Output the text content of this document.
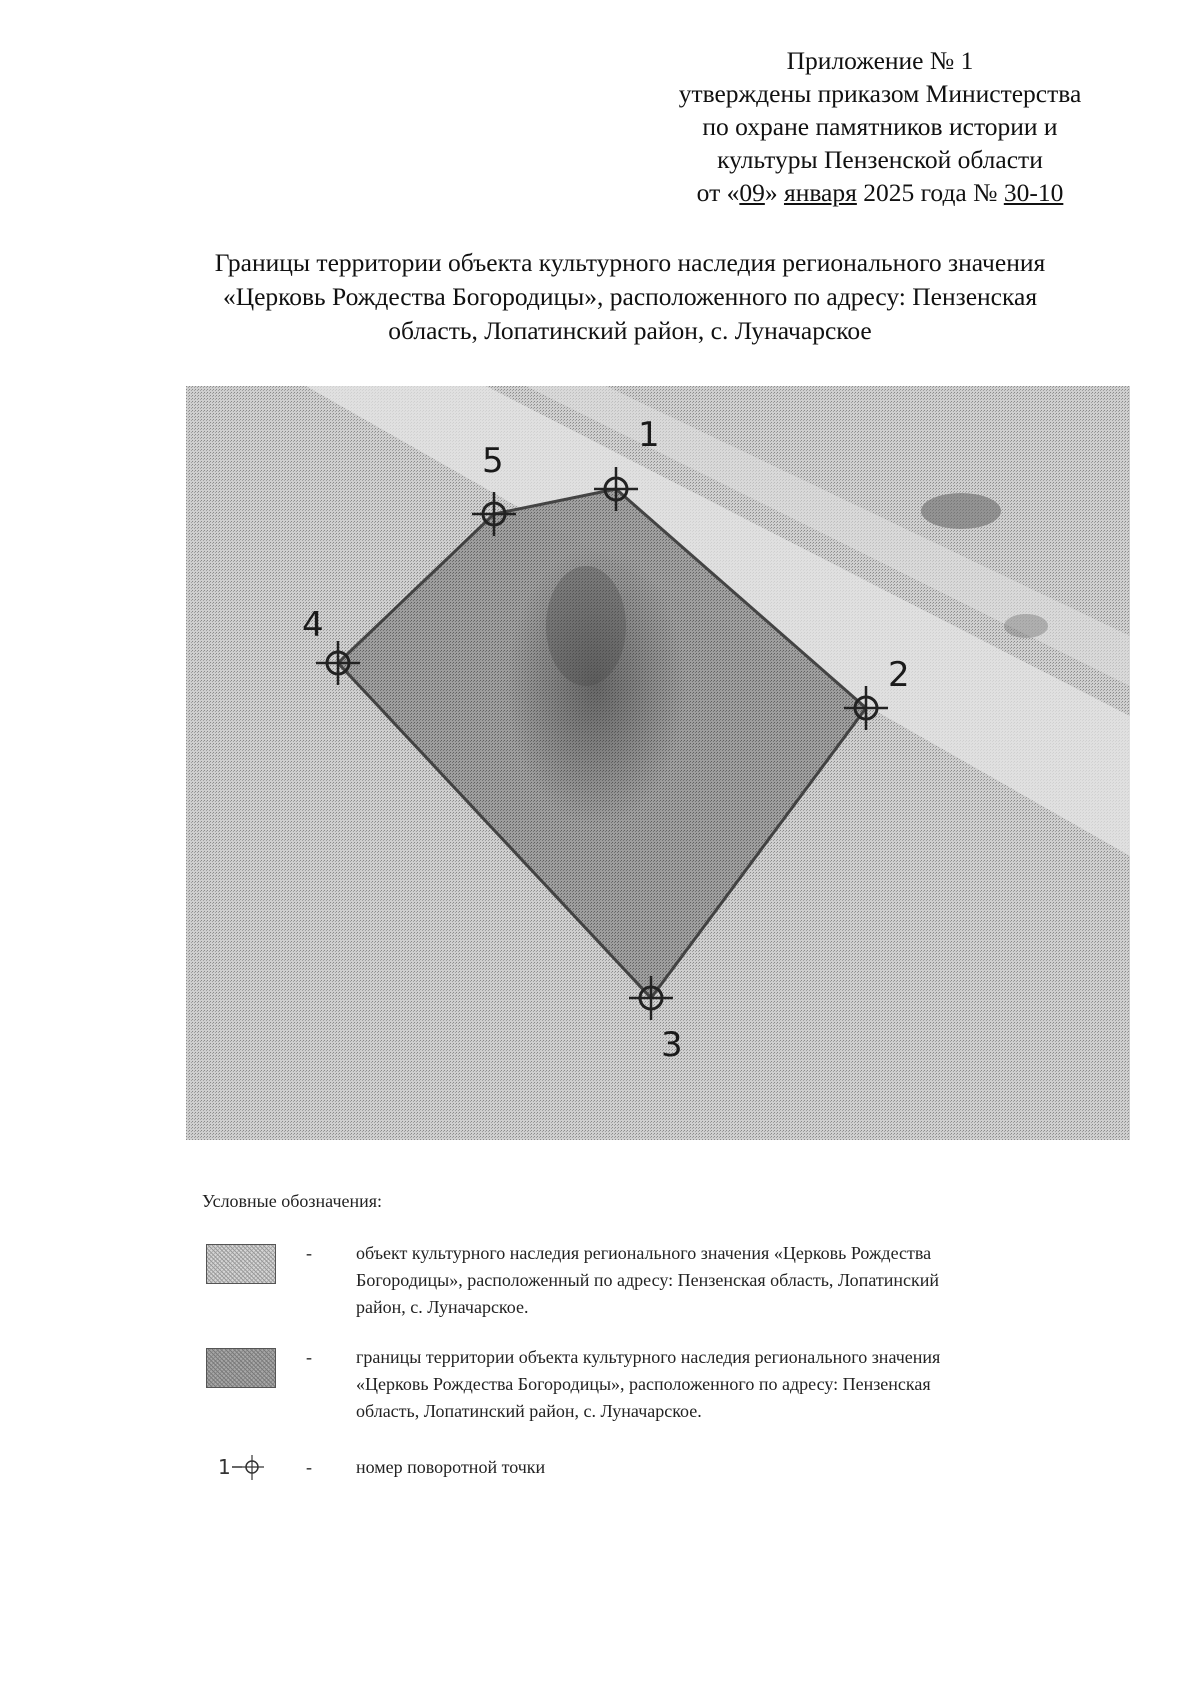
Приложение № 1
утверждены приказом Министерства
по охране памятников истории и
культуры Пензенской области
от «09» января 2025 года № 30-10
Границы территории объекта культурного наследия регионального значения
«Церковь Рождества Богородицы», расположенного по адресу: Пензенская
область, Лопатинский район, с. Луначарское
1
2
3
4
5
Условные обозначения:
- объект культурного наследия регионального значения «Церковь Рождества
Богородицы», расположенный по адресу: Пензенская область, Лопатинский
район, с. Луначарское.
- границы территории объекта культурного наследия регионального значения
«Церковь Рождества Богородицы», расположенного по адресу: Пензенская
область, Лопатинский район, с. Луначарское.
1	- номер поворотной точки
